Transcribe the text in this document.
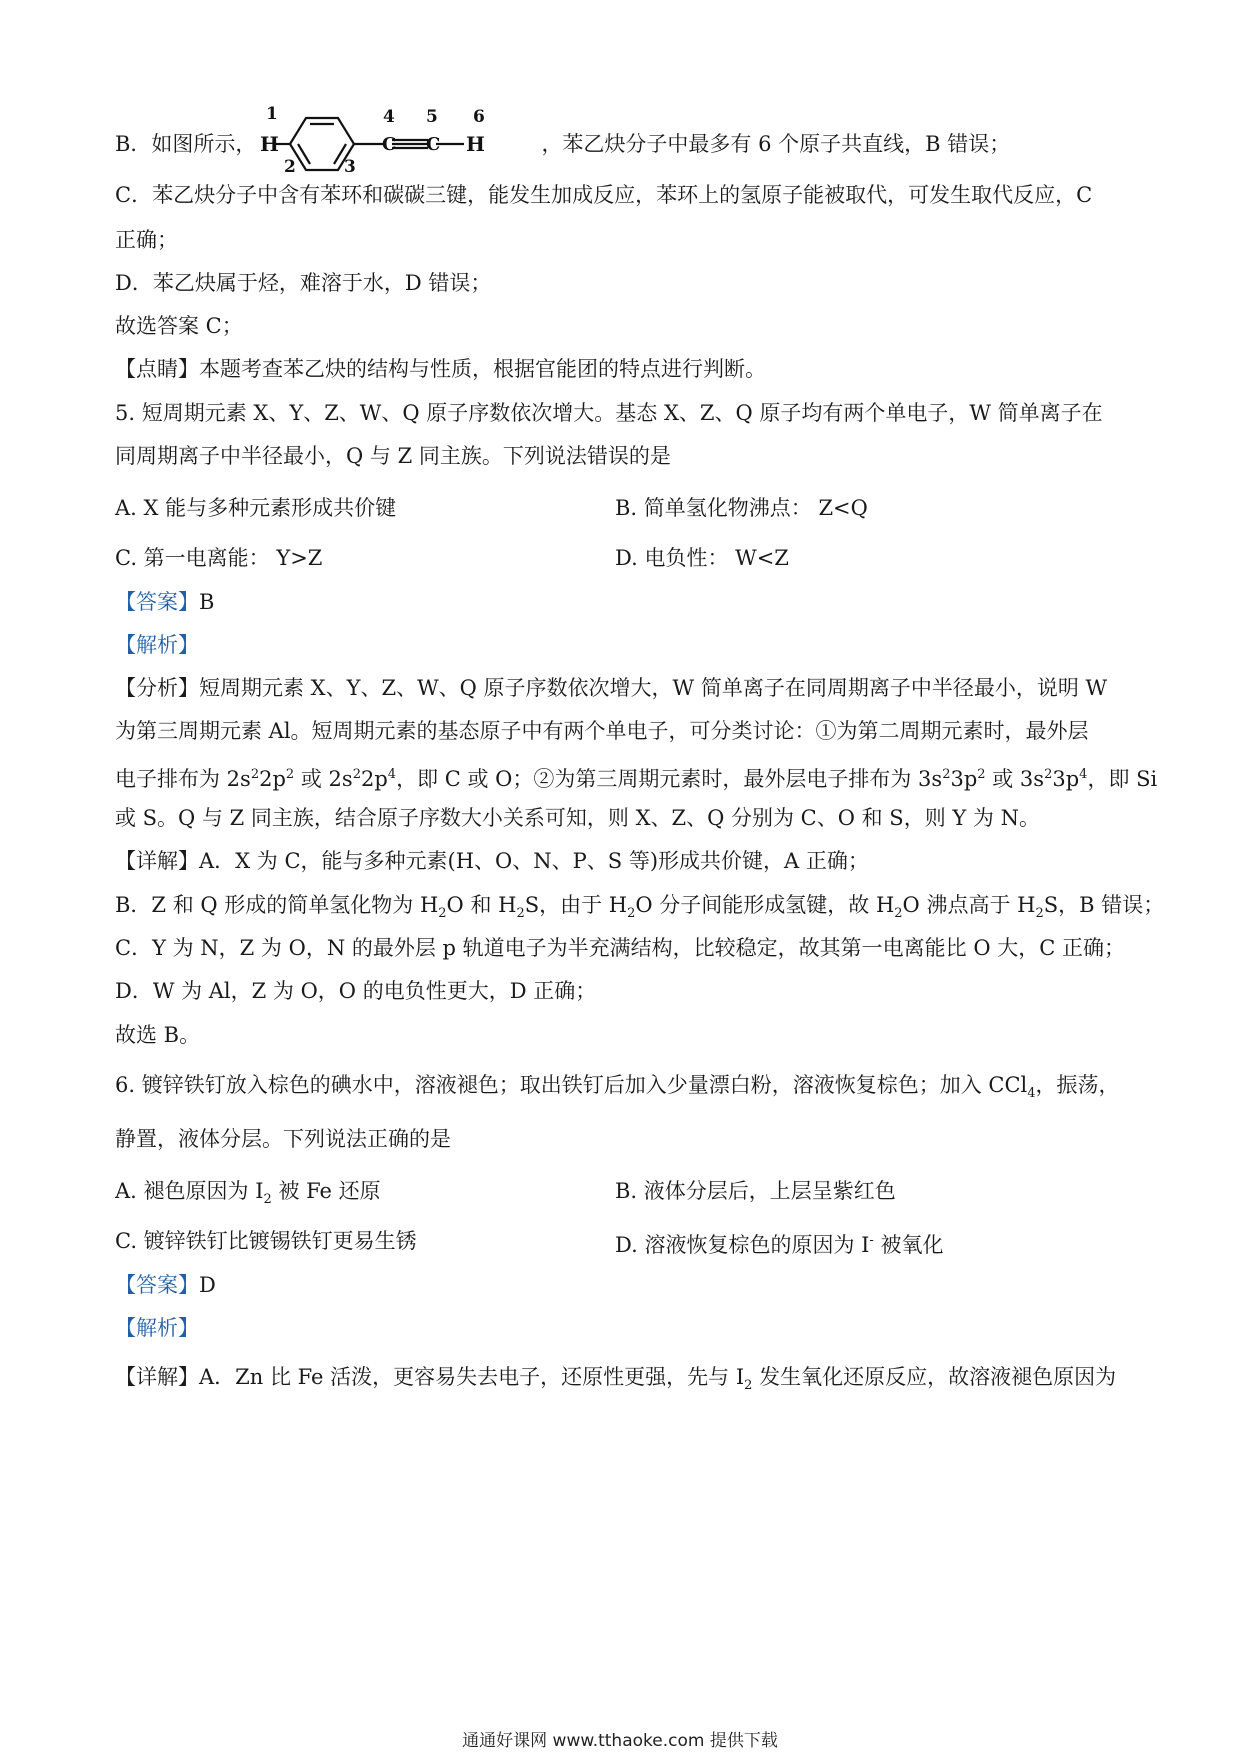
B．如图所示，	，苯乙炔分子中最多有 6 个原子共直线，B 错误；
1
H
2	3
4 5 6
H
C C
C．苯乙炔分子中含有苯环和碳碳三键，能发生加成反应，苯环上的氢原子能被取代，可发生取代反应，C
正确；
D．苯乙炔属于烃，难溶于水，D 错误；
故选答案 C；
【点睛】本题考查苯乙炔的结构与性质，根据官能团的特点进行判断。
5. 短周期元素 X、Y、Z、W、Q 原子序数依次增大。基态 X、Z、Q 原子均有两个单电子，W 简单离子在
同周期离子中半径最小，Q 与 Z 同主族。下列说法错误的是
A. X 能与多种元素形成共价键	B. 简单氢化物沸点： Z<Q
C. 第一电离能： Y>Z	D. 电负性： W<Z
【答案】B
【解析】
【分析】短周期元素 X、Y、Z、W、Q 原子序数依次增大，W 简单离子在同周期离子中半径最小，说明 W
为第三周期元素 Al。短周期元素的基态原子中有两个单电子，可分类讨论：①为第二周期元素时，最外层
电子排布为 $2s^22p^2$ 或 $2s^22p^4$，即 C 或 O；②为第三周期元素时，最外层电子排布为 $3s^23p^2$ 或 $3s^23p^4$，即 Si
或 S。Q 与 Z 同主族，结合原子序数大小关系可知，则 X、Z、Q 分别为 C、O 和 S，则 Y 为 N。
【详解】A．X 为 C，能与多种元素(H、O、N、P、S 等)形成共价键，A 正确；
B．Z 和 Q 形成的简单氢化物为 $H_2O$ 和 $H_2S$，由于 $H_2O$ 分子间能形成氢键，故 $H_2O$ 沸点高于 $H_2S$，B 错误；
C．Y 为 N，Z 为 O，N 的最外层 p 轨道电子为半充满结构，比较稳定，故其第一电离能比 O 大，C 正确；
D．W 为 Al，Z 为 O，O 的电负性更大，D 正确；
故选 B。
6. 镀锌铁钉放入棕色的碘水中，溶液褪色；取出铁钉后加入少量漂白粉，溶液恢复棕色；加入 CCl$_4$，振荡，
静置，液体分层。下列说法正确的是
A. 褪色原因为 $I_2$ 被 Fe 还原	B. 液体分层后，上层呈紫红色
C. 镀锌铁钉比镀锡铁钉更易生锈	D. 溶液恢复棕色的原因为 I- 被氧化
【答案】D
【解析】
【详解】A．Zn 比 Fe 活泼，更容易失去电子，还原性更强，先与 $I_2$ 发生氧化还原反应，故溶液褪色原因为
通通好课网 www.tthaoke.com 提供下载
